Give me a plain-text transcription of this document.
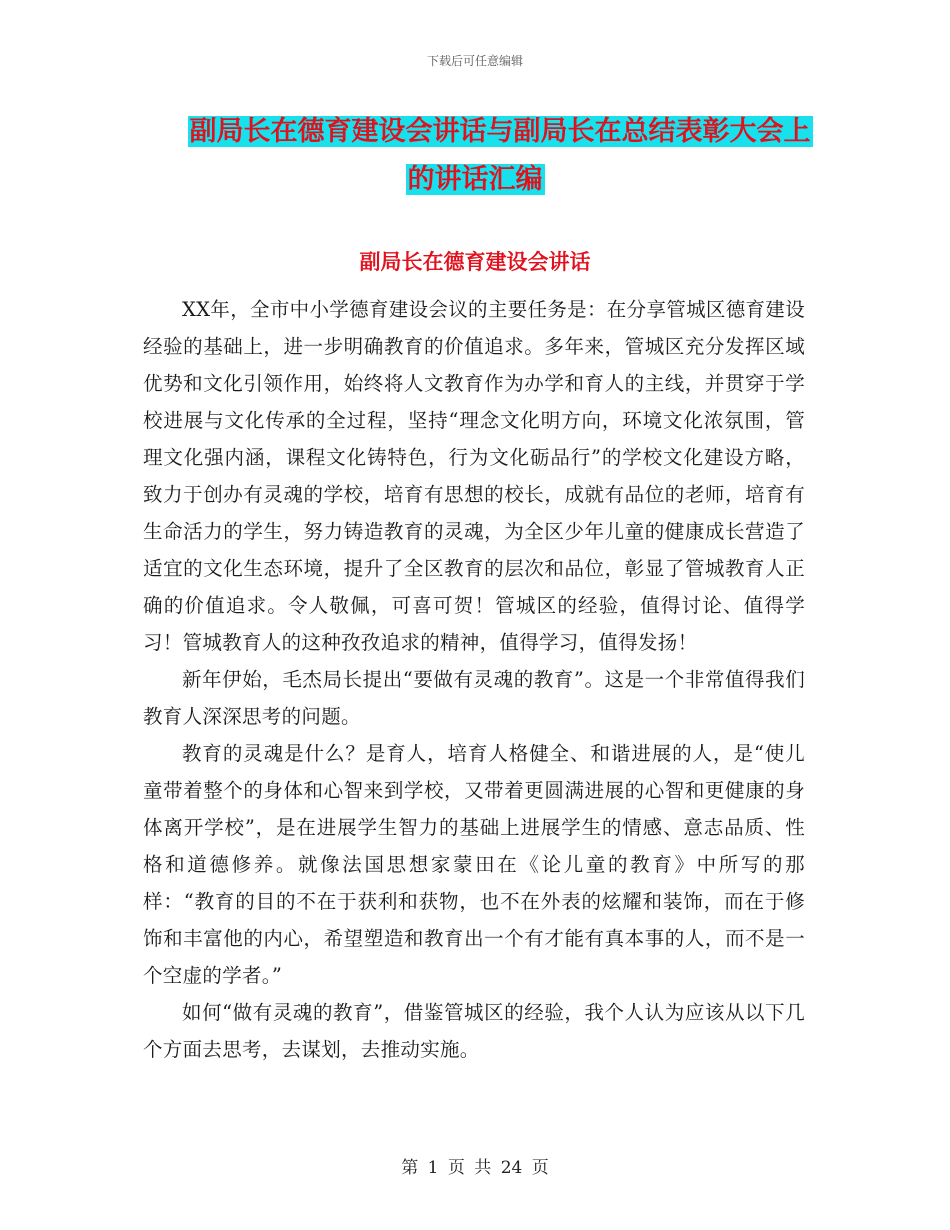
下载后可任意编辑
副局长在德育建设会讲话与副局长在总结表彰大会上
的讲话汇编
副局长在德育建设会讲话

XX年，全市中小学德育建设会议的主要任务是：在分享管城区德育建设经验的基础上，进一步明确教育的价值追求。多年来，管城区充分发挥区域优势和文化引领作用，始终将人文教育作为办学和育人的主线，并贯穿于学校进展与文化传承的全过程，坚持“理念文化明方向，环境文化浓氛围，管理文化强内涵，课程文化铸特色，行为文化砺品行”的学校文化建设方略，致力于创办有灵魂的学校，培育有思想的校长，成就有品位的老师，培育有生命活力的学生，努力铸造教育的灵魂，为全区少年儿童的健康成长营造了适宜的文化生态环境，提升了全区教育的层次和品位，彰显了管城教育人正确的价值追求。令人敬佩，可喜可贺！管城区的经验，值得讨论、值得学习！管城教育人的这种孜孜追求的精神，值得学习，值得发扬！

新年伊始，毛杰局长提出“要做有灵魂的教育”。这是一个非常值得我们教育人深深思考的问题。

教育的灵魂是什么？是育人，培育人格健全、和谐进展的人，是“使儿童带着整个的身体和心智来到学校，又带着更圆满进展的心智和更健康的身体离开学校”，是在进展学生智力的基础上进展学生的情感、意志品质、性格和道德修养。就像法国思想家蒙田在《论儿童的教育》中所写的那样：“教育的目的不在于获利和获物，也不在外表的炫耀和装饰，而在于修饰和丰富他的内心，希望塑造和教育出一个有才能有真本事的人，而不是一个空虚的学者。”

如何“做有灵魂的教育”，借鉴管城区的经验，我个人认为应该从以下几个方面去思考，去谋划，去推动实施。

第 1 页 共 24 页
